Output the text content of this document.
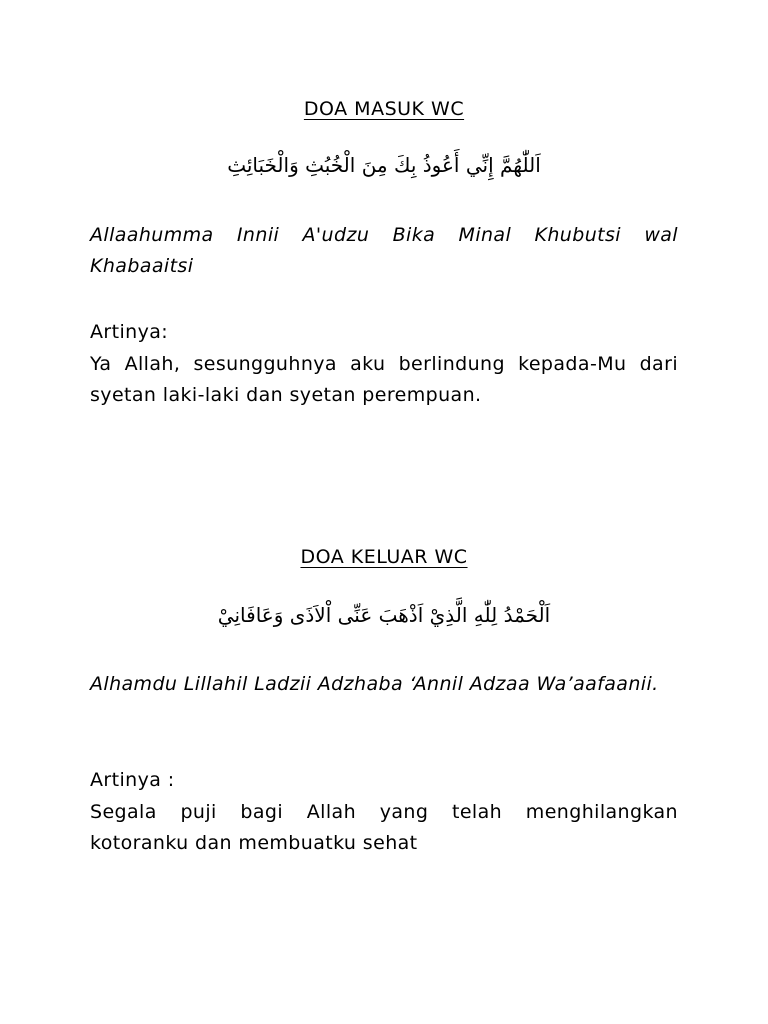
DOA MASUK WC
اَللّٰهُمَّ إِنِّي أَعُوذُ بِكَ مِنَ الْخُبُثِ وَالْخَبَائِثِ
Allaahumma Innii A'udzu Bika Minal Khubutsi wal Khabaaitsi
Artinya:
Ya Allah, sesungguhnya aku berlindung kepada-Mu dari syetan laki-laki dan syetan perempuan.
DOA KELUAR WC
اَلْحَمْدُ لِلّٰهِ الَّذِيْ اَذْهَبَ عَنِّى اْلاَذَى وَعَافَانِيْ
Alhamdu Lillahil Ladzii Adzhaba ‘Annil Adzaa Wa’aafaanii.
Artinya :
Segala puji bagi Allah yang telah menghilangkan kotoranku dan membuatku sehat
